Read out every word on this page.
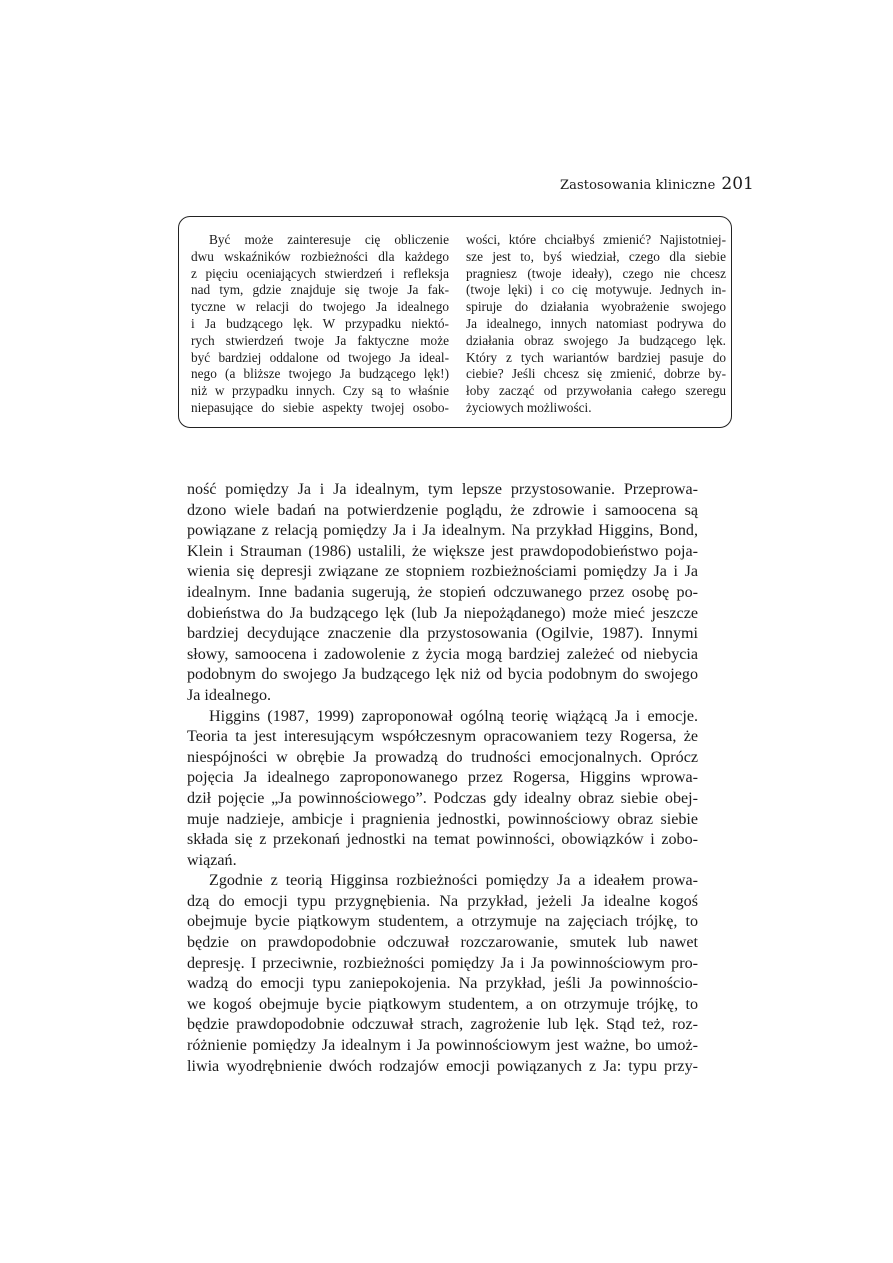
Zastosowania kliniczne 201
Być może zainteresuje cię obliczenie
dwu wskaźników rozbieżności dla każdego
z pięciu oceniających stwierdzeń i refleksja
nad tym, gdzie znajduje się twoje Ja fak-
tyczne w relacji do twojego Ja idealnego
i Ja budzącego lęk. W przypadku niektó-
rych stwierdzeń twoje Ja faktyczne może
być bardziej oddalone od twojego Ja ideal-
nego (a bliższe twojego Ja budzącego lęk!)
niż w przypadku innych. Czy są to właśnie
niepasujące do siebie aspekty twojej osobo-
wości, które chciałbyś zmienić? Najistotniej-
sze jest to, byś wiedział, czego dla siebie
pragniesz (twoje ideały), czego nie chcesz
(twoje lęki) i co cię motywuje. Jednych in-
spiruje do działania wyobrażenie swojego
Ja idealnego, innych natomiast podrywa do
działania obraz swojego Ja budzącego lęk.
Który z tych wariantów bardziej pasuje do
ciebie? Jeśli chcesz się zmienić, dobrze by-
łoby zacząć od przywołania całego szeregu
życiowych możliwości.
ność pomiędzy Ja i Ja idealnym, tym lepsze przystosowanie. Przeprowa-
dzono wiele badań na potwierdzenie poglądu, że zdrowie i samoocena są
powiązane z relacją pomiędzy Ja i Ja idealnym. Na przykład Higgins, Bond,
Klein i Strauman (1986) ustalili, że większe jest prawdopodobieństwo poja-
wienia się depresji związane ze stopniem rozbieżnościami pomiędzy Ja i Ja
idealnym. Inne badania sugerują, że stopień odczuwanego przez osobę po-
dobieństwa do Ja budzącego lęk (lub Ja niepożądanego) może mieć jeszcze
bardziej decydujące znaczenie dla przystosowania (Ogilvie, 1987). Innymi
słowy, samoocena i zadowolenie z życia mogą bardziej zależeć od niebycia
podobnym do swojego Ja budzącego lęk niż od bycia podobnym do swojego
Ja idealnego.
Higgins (1987, 1999) zaproponował ogólną teorię wiążącą Ja i emocje.
Teoria ta jest interesującym współczesnym opracowaniem tezy Rogersa, że
niespójności w obrębie Ja prowadzą do trudności emocjonalnych. Oprócz
pojęcia Ja idealnego zaproponowanego przez Rogersa, Higgins wprowa-
dził pojęcie „Ja powinnościowego”. Podczas gdy idealny obraz siebie obej-
muje nadzieje, ambicje i pragnienia jednostki, powinnościowy obraz siebie
składa się z przekonań jednostki na temat powinności, obowiązków i zobo-
wiązań.
Zgodnie z teorią Higginsa rozbieżności pomiędzy Ja a ideałem prowa-
dzą do emocji typu przygnębienia. Na przykład, jeżeli Ja idealne kogoś
obejmuje bycie piątkowym studentem, a otrzymuje na zajęciach trójkę, to
będzie on prawdopodobnie odczuwał rozczarowanie, smutek lub nawet
depresję. I przeciwnie, rozbieżności pomiędzy Ja i Ja powinnościowym pro-
wadzą do emocji typu zaniepokojenia. Na przykład, jeśli Ja powinnościo-
we kogoś obejmuje bycie piątkowym studentem, a on otrzymuje trójkę, to
będzie prawdopodobnie odczuwał strach, zagrożenie lub lęk. Stąd też, roz-
różnienie pomiędzy Ja idealnym i Ja powinnościowym jest ważne, bo umoż-
liwia wyodrębnienie dwóch rodzajów emocji powiązanych z Ja: typu przy-
